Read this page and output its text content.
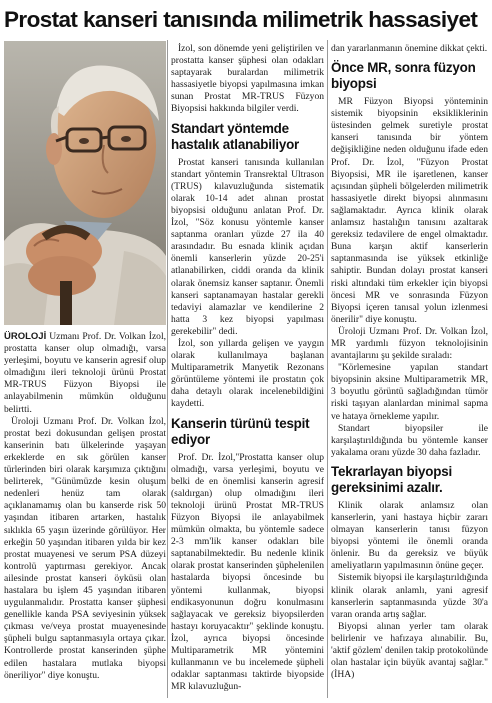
Prostat kanseri tanısında milimetrik hassasiyet

ÜROLOJİ Uzmanı Prof. Dr. Volkan İzol, prostatta kanser olup olmadığı, varsa yerleşimi, boyutu ve kanserin agresif olup olmadığını ileri teknoloji ürünü Prostat MR-TRUS Füzyon Biyopsi ile anlayabilmenin mümkün olduğunu belirtti.

Üroloji Uzmanı Prof. Dr. Volkan İzol, prostat bezi dokusundan gelişen prostat kanserinin batı ülkelerinde yaşayan erkeklerde en sık görülen kanser türlerinden biri olarak karşımıza çıktığını belirterek, "Günümüzde kesin oluşum nedenleri henüz tam olarak açıklanamamış olan bu kanserde risk 50 yaşından itibaren artarken, hastalık sıklıkla 65 yaşın üzerinde görülüyor. Her erkeğin 50 yaşından itibaren yılda bir kez prostat muayenesi ve serum PSA düzeyi kontrolü yaptırması gerekiyor. Ancak ailesinde prostat kanseri öyküsü olan hastalara bu işlem 45 yaşından itibaren uygulanmalıdır. Prostatta kanser şüphesi genellikle kanda PSA seviyesinin yüksek çıkması ve/veya prostat muayenesinde şüpheli bulgu saptanmasıyla ortaya çıkar. Kontrollerde prostat kanserinden şüphe edilen hastalara mutlaka biyopsi öneriliyor" diye konuştu.

İzol, son dönemde yeni geliştirilen ve prostatta kanser şüphesi olan odakları saptayarak buralardan milimetrik hassasiyetle biyopsi yapılmasına imkan sunan Prostat MR-TRUS Füzyon Biyopsisi hakkında bilgiler verdi.

Standart yöntemde hastalık atlanabiliyor

Prostat kanseri tanısında kullanılan standart yöntemin Transrektal Ultrason (TRUS) kılavuzluğunda sistematik olarak 10-14 adet alınan prostat biyopsisi olduğunu anlatan Prof. Dr. İzol, "Söz konusu yöntemle kanser saptanma oranları yüzde 27 ila 40 arasındadır. Bu esnada klinik açıdan önemli kanserlerin yüzde 20-25'i atlanabilirken, ciddi oranda da klinik olarak önemsiz kanser saptanır. Önemli kanseri saptanamayan hastalar gerekli tedaviyi alamazlar ve kendilerine 2 hatta 3 kez biyopsi yapılması gerekebilir" dedi.

İzol, son yıllarda gelişen ve yaygın olarak kullanılmaya başlanan Multiparametrik Manyetik Rezonans görüntüleme yöntemi ile prostatın çok daha detaylı olarak incelenebildiğini kaydetti.

Kanserin türünü tespit ediyor

Prof. Dr. İzol,"Prostatta kanser olup olmadığı, varsa yerleşimi, boyutu ve belki de en önemlisi kanserin agresif (saldırgan) olup olmadığını ileri teknoloji ürünü Prostat MR-TRUS Füzyon Biyopsi ile anlayabilmek mümkün olmakta, bu yöntemle sadece 2-3 mm'lik kanser odakları bile saptanabilmektedir. Bu nedenle klinik olarak prostat kanserinden şüphelenilen hastalarda biyopsi öncesinde bu yöntemi kullanmak, biyopsi endikasyonunun doğru konulmasını sağlayacak ve gereksiz biyopsilerden hastayı koruyacaktır" şeklinde konuştu. İzol, ayrıca biyopsi öncesinde Multiparametrik MR yöntemini kullanmanın ve bu incelemede şüpheli odaklar saptanması taktirde biyopside MR kılavuzluğun-

dan yararlanmanın önemine dikkat çekti.

Önce MR, sonra füzyon biyopsi

MR Füzyon Biyopsi yönteminin sistemik biyopsinin eksikliklerinin üstesinden gelmek suretiyle prostat kanseri tanısında bir yöntem değişikliğine neden olduğunu ifade eden Prof. Dr. İzol, "Füzyon Prostat Biyopsisi, MR ile işaretlenen, kanser açısından şüpheli bölgelerden milimetrik hassasiyetle direkt biyopsi alınmasını sağlamaktadır. Ayrıca klinik olarak anlamsız hastalığın tanısını azaltarak gereksiz tedavilere de engel olmaktadır. Buna karşın aktif kanserlerin saptanmasında ise yüksek etkinliğe sahiptir. Bundan dolayı prostat kanseri riski altındaki tüm erkekler için biyopsi öncesi MR ve sonrasında Füzyon Biyopsi içeren tanısal yolun izlenmesi önerilir" diye konuştu.

Üroloji Uzmanı Prof. Dr. Volkan İzol, MR yardımlı füzyon teknolojisinin avantajlarını şu şekilde sıraladı:

"Körlemesine yapılan standart biyopsinin aksine Multiparametrik MR, 3 boyutlu görüntü sağladığından tümör riski taşıyan alanlardan minimal sapma ve hataya örnekleme yapılır.

Standart biyopsiler ile karşılaştırıldığında bu yöntemle kanser yakalama oranı yüzde 30 daha fazladır.

Tekrarlayan biyopsi gereksinimi azalır.

Klinik olarak anlamsız olan kanserlerin, yani hastaya hiçbir zararı olmayan kanserlerin tanısı füzyon biyopsi yöntemi ile önemli oranda önlenir. Bu da gereksiz ve büyük ameliyatların yapılmasının önüne geçer.

Sistemik biyopsi ile karşılaştırıldığında klinik olarak anlamlı, yani agresif kanserlerin saptanmasında yüzde 30'a varan oranda artış sağlar.

Biyopsi alınan yerler tam olarak belirlenir ve hafızaya alınabilir. Bu, 'aktif gözlem' denilen takip protokolünde olan hastalar için büyük avantaj sağlar." (İHA)
